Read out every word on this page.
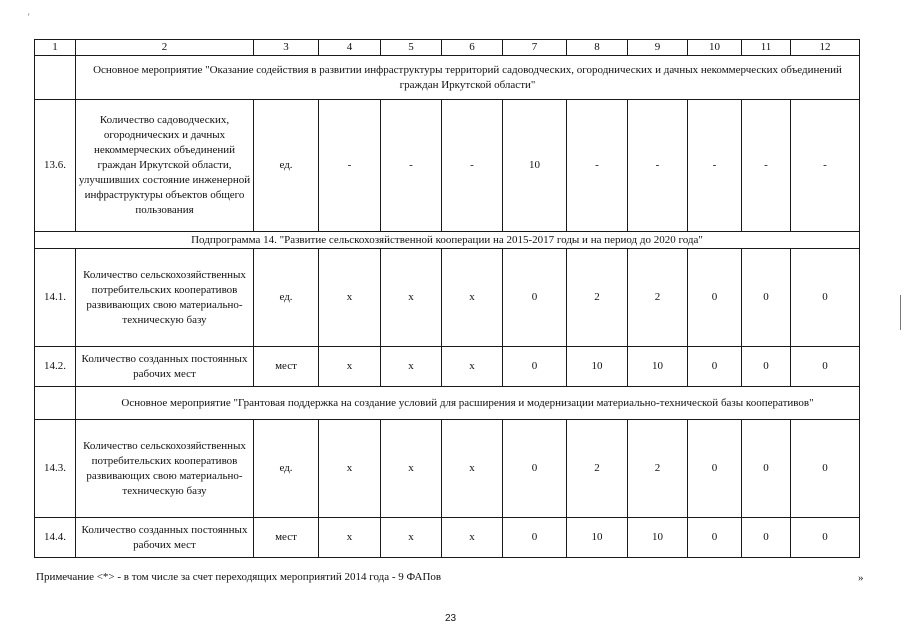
'
1	2	3	4	5	6	7	8	9	10	11	12
	Основное мероприятие "Оказание содействия в развитии инфраструктуры территорий садоводческих, огороднических и дачных некоммерческих объединений граждан Иркутской области"										
13.6.	Количество садоводческих, огороднических и дачных некоммерческих объединений граждан Иркутской области, улучшивших состояние инженерной инфраструктуры объектов общего пользования	ед.	-	-	-	10	-	-	-	-	-
Подпрограмма 14. "Развитие сельскохозяйственной кооперации на 2015-2017 годы и на период до 2020 года"											
14.1.	Количество сельскохозяйственных потребительских кооперативов развивающих свою материально-техническую базу	ед.	х	х	х	0	2	2	0	0	0
14.2.	Количество созданных постоянных рабочих мест	мест	х	х	х	0	10	10	0	0	0
	Основное мероприятие "Грантовая поддержка на создание условий для расширения и модернизации материально-технической базы кооперативов"										
14.3.	Количество сельскохозяйственных потребительских кооперативов развивающих свою материально-техническую базу	ед.	х	х	х	0	2	2	0	0	0
14.4.	Количество созданных постоянных рабочих мест	мест	х	х	х	0	10	10	0	0	0
Примечание <*> - в том числе за счет переходящих мероприятий 2014 года - 9 ФАПов	»
23
